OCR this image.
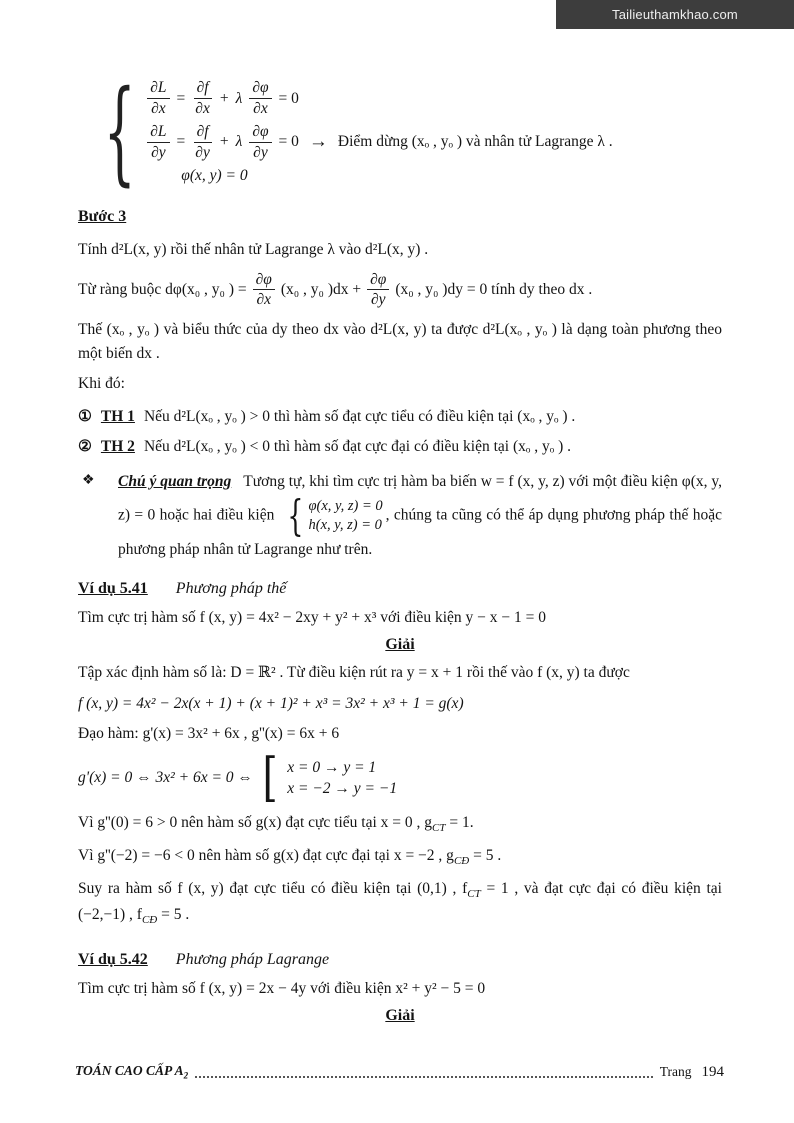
Tailieuthamkhao.com
{ $\frac{\partial L}{\partial x} = \frac{\partial f}{\partial x} + \lambda \frac{\partial\varphi}{\partial x} = 0$
$\frac{\partial L}{\partial y} = \frac{\partial f}{\partial y} + \lambda \frac{\partial\varphi}{\partial y} = 0$ → Điểm dừng (xₒ , yₒ ) và nhân tử Lagrange λ .
φ(x, y) = 0
Bước 3

Tính d²L(x, y) rồi thế nhân tử Lagrange λ vào d²L(x, y) .

Từ ràng buộc dφ(x₀ , y₀ ) = $\frac{\partial\varphi}{\partial x} (x_0$ , y₀ )$dx + \frac{\partial\varphi}{\partial y} (x_0$ , y₀ )dy = 0 tính dy theo dx .

Thế (xₒ , yₒ ) và biểu thức của dy theo dx vào d²L(x, y) ta được d²L(xₒ , yₒ ) là dạng toàn phương theo một biến dx .

Khi đó:

① TH 1 Nếu d²L(xₒ , yₒ ) > 0 thì hàm số đạt cực tiểu có điều kiện tại (xₒ , yₒ ) .
② TH 2 Nếu d²L(xₒ , yₒ ) < 0 thì hàm số đạt cực đại có điều kiện tại (xₒ , yₒ ) .
❖	Chú ý quan trọng Tương tự, khi tìm cực trị hàm ba biến w = f (x, y, z) với một điều kiện φ(x, y, z) = 0 hoặc hai điều kiện { φ(x, y, z) = 0
h(x, y, z) = 0
, chúng ta cũng có thể áp dụng phương pháp thế hoặc phương pháp nhân tử Lagrange như trên.
Ví dụ 5.41 Phương pháp thế

Tìm cực trị hàm số f (x, y) = 4x² − 2xy + y² + x³ với điều kiện y − x − 1 = 0

Giải

Tập xác định hàm số là: D = ℝ² . Từ điều kiện rút ra y = x + 1 rồi thế vào f (x, y) ta được

f (x, y) = 4x² − 2x(x + 1) + (x + 1)² + x³ = 3x² + x³ + 1 = g(x)

Đạo hàm: g'(x) = 3x² + 6x , g''(x) = 6x + 6

g'(x) = 0 ⇔ 3x² + 6x = 0 ⇔ [ x = 0 → y = 1
x = −2 → y = −1

Vì g''(0) = 6 > 0 nên hàm số g(x) đạt cực tiểu tại x = 0 , $g_{CT} = 1$.

Vì g''(−2) = −6 < 0 nên hàm số g(x) đạt cực đại tại x = −2 , $g_{CĐ} = 5$ .

Suy ra hàm số f (x, y) đạt cực tiểu có điều kiện tại (0,1) , $f_{CT} = 1$ , và đạt cực đại có điều kiện tại (−2,−1) , $f_{CĐ} = 5$ .

Ví dụ 5.42 Phương pháp Lagrange

Tìm cực trị hàm số f (x, y) = 2x − 4y với điều kiện x² + y² − 5 = 0

Giải
TOÁN CAO CẤP $A_2$	Trang 194
